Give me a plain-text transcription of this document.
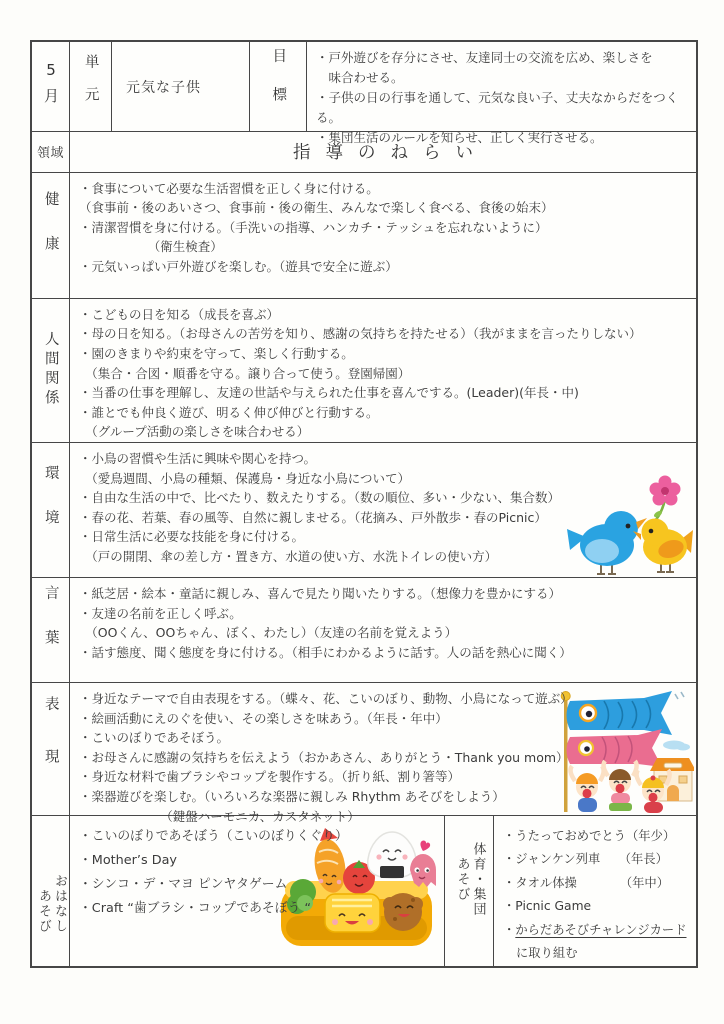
5月 単元	元気な子供	目標 ・戸外遊びを存分にさせ、友達同士の交流を広め、楽しさを
　味合わせる。
・子供の日の行事を通して、元気な良い子、丈夫なからだをつくる。
・集団生活のルールを知らせ、正しく実行させる。
領域	指導のねらい
健康
・食事について必要な生活習慣を正しく身に付ける。
（食事前・後のあいさつ、食事前・後の衛生、みんなで楽しく食べる、食後の始末）
・清潔習慣を身に付ける。（手洗いの指導、ハンカチ・テッシュを忘れないように）
　　　　　　（衛生検査）
・元気いっぱい戸外遊びを楽しむ。（遊具で安全に遊ぶ）
人間関係
・こどもの日を知る（成長を喜ぶ）
・母の日を知る。（お母さんの苦労を知り、感謝の気持ちを持たせる）（我がままを言ったりしない）
・園のきまりや約束を守って、楽しく行動する。
　（集合・合図・順番を守る。譲り合って使う。登園帰園）
・当番の仕事を理解し、友達の世話や与えられた仕事を喜んでする。(Leader)(年長・中)
・誰とでも仲良く遊び、明るく伸び伸びと行動する。
　（グループ活動の楽しさを味合わせる）
環境
・小鳥の習慣や生活に興味や関心を持つ。
　（愛鳥週間、小鳥の種類、保護鳥・身近な小鳥について）
・自由な生活の中で、比べたり、数えたりする。（数の順位、多い・少ない、集合数）
・春の花、若葉、春の風等、自然に親しませる。（花摘み、戸外散歩・春のPicnic）
・日常生活に必要な技能を身に付ける。
　（戸の開閉、傘の差し方・置き方、水道の使い方、水洗トイレの使い方）
言葉 ・紙芝居・絵本・童話に親しみ、喜んで見たり聞いたりする。（想像力を豊かにする）
・友達の名前を正しく呼ぶ。
　（OOくん、OOちゃん、ぼく、わたし）（友達の名前を覚えよう）
・話す態度、聞く態度を身に付ける。（相手にわかるように話す。人の話を熱心に聞く）
表現 ・身近なテーマで自由表現をする。（蝶々、花、こいのぼり、動物、小鳥になって遊ぶ）
・絵画活動にえのぐを使い、その楽しさを味あう。（年長・年中）
・こいのぼりであそぼう。
・お母さんに感謝の気持ちを伝えよう（おかあさん、ありがとう・Thank you mom）
・身近な材料で歯ブラシやコップを製作する。（折り紙、割り箸等）
・楽器遊びを楽しむ。（いろいろな楽器に親しみ Rhythm あそびをしよう）
　　　　　　　（鍵盤ハーモニカ、カスタネット）
おはなし
あそび
・こいのぼりであそぼう（こいのぼりくぐり）
・Mother’s Day
・シンコ・デ・マヨ ピンヤタゲーム
・Craft “歯ブラシ・コップであそぼう “	体育・集団
あそび
・うたっておめでとう（年少）
・ジャンケン列車　　（年長）
・タオル体操　　　　（年中）
・Picnic Game
・からだあそびチャレンジカード
に取り組む
